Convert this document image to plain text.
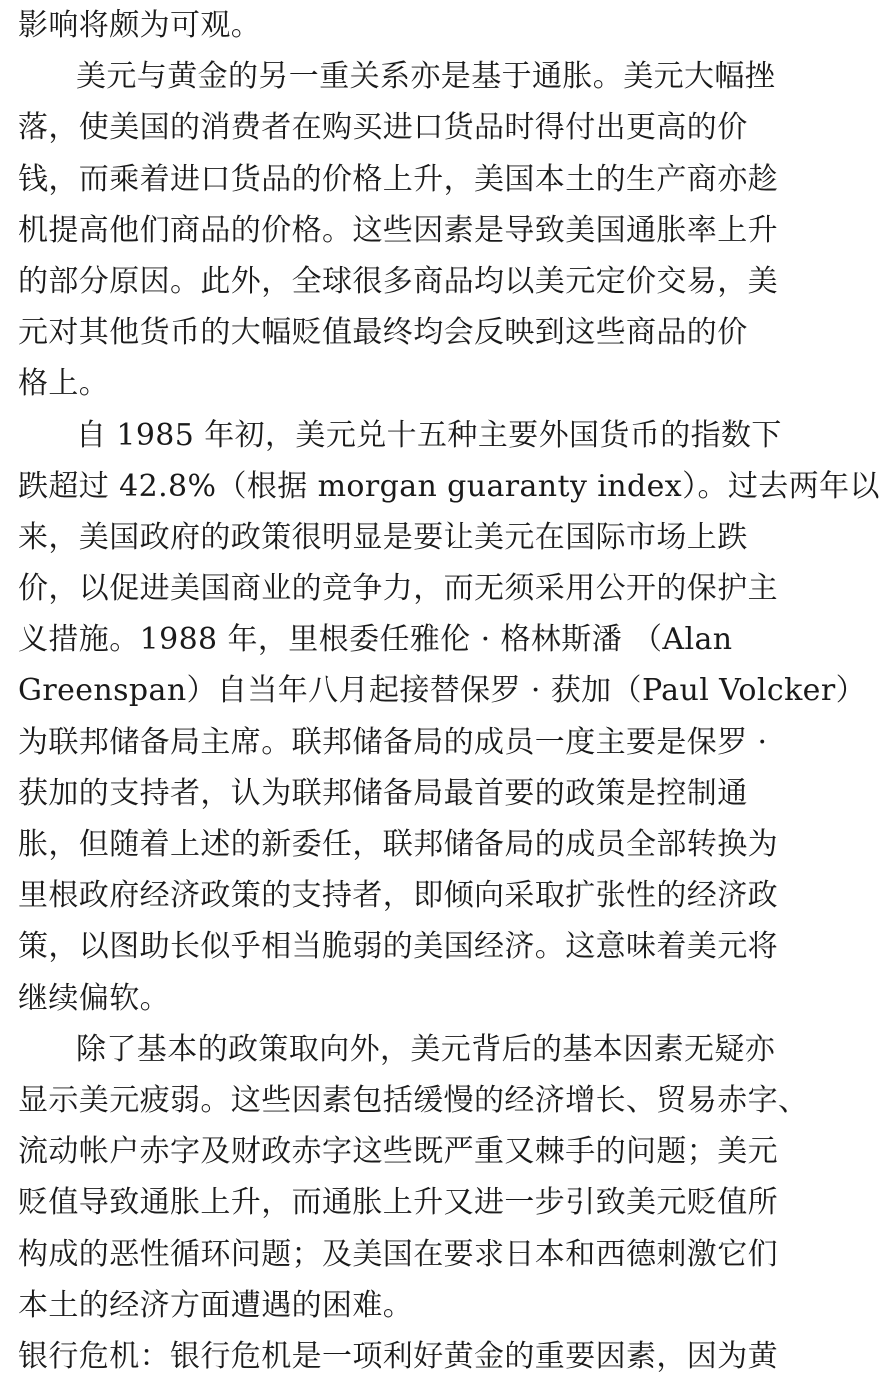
影响将颇为可观。
美元与黄金的另一重关系亦是基于通胀。美元大幅挫
落，使美国的消费者在购买进口货品时得付出更高的价
钱，而乘着进口货品的价格上升，美国本土的生产商亦趁
机提高他们商品的价格。这些因素是导致美国通胀率上升
的部分原因。此外，全球很多商品均以美元定价交易，美
元对其他货币的大幅贬值最终均会反映到这些商品的价
格上。
自 1985 年初，美元兑十五种主要外国货币的指数下
跌超过 42.8%（根据 morgan guaranty index）。过去两年以
来，美国政府的政策很明显是要让美元在国际市场上跌
价，以促进美国商业的竞争力，而无须采用公开的保护主
义措施。1988 年，里根委任雅伦 · 格林斯潘 （Alan
Greenspan）自当年八月起接替保罗 · 获加（Paul Volcker）
为联邦储备局主席。联邦储备局的成员一度主要是保罗 ·
获加的支持者，认为联邦储备局最首要的政策是控制通
胀，但随着上述的新委任，联邦储备局的成员全部转换为
里根政府经济政策的支持者，即倾向采取扩张性的经济政
策，以图助长似乎相当脆弱的美国经济。这意味着美元将
继续偏软。
除了基本的政策取向外，美元背后的基本因素无疑亦
显示美元疲弱。这些因素包括缓慢的经济增长、贸易赤字、
流动帐户赤字及财政赤字这些既严重又棘手的问题；美元
贬值导致通胀上升，而通胀上升又进一步引致美元贬值所
构成的恶性循环问题；及美国在要求日本和西德刺激它们
本土的经济方面遭遇的困难。
银行危机：银行危机是一项利好黄金的重要因素，因为黄
